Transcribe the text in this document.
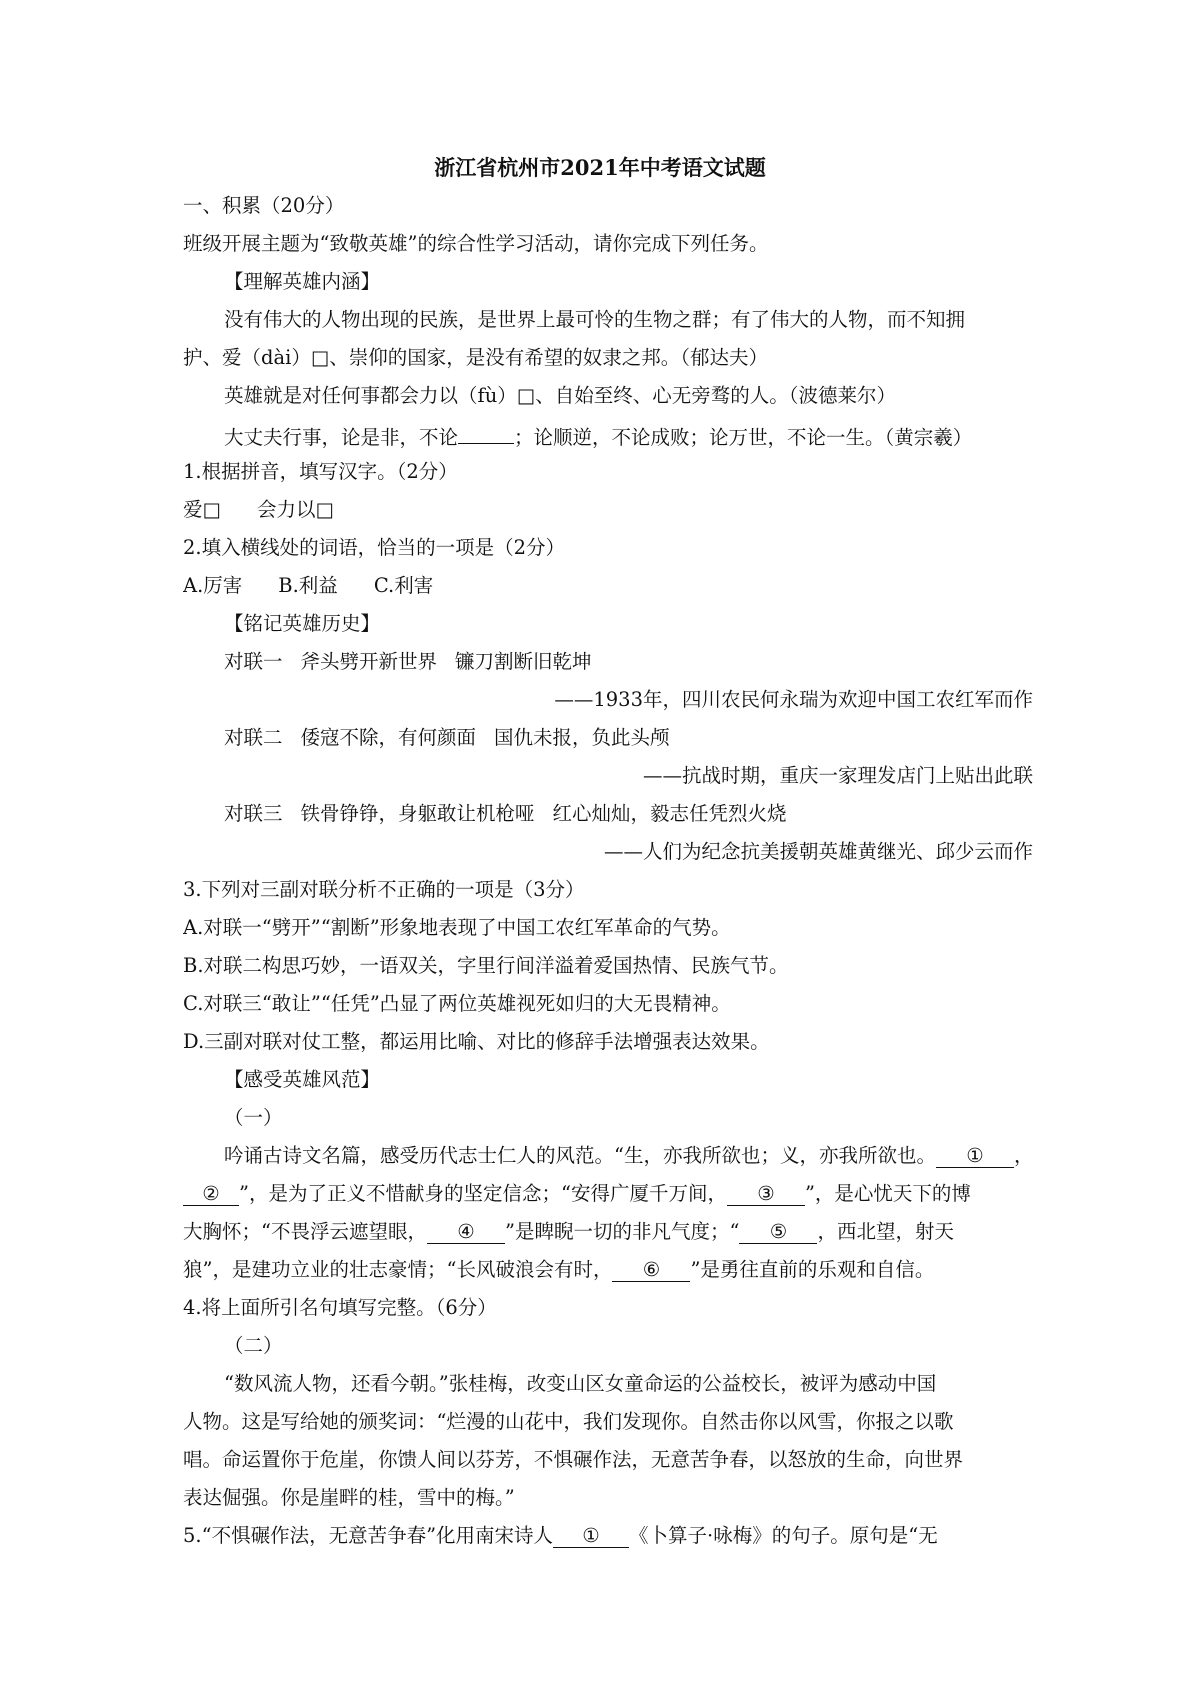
浙江省杭州市2021年中考语文试题
一、积累（20分）
班级开展主题为“致敬英雄”的综合性学习活动，请你完成下列任务。
【理解英雄内涵】
没有伟大的人物出现的民族，是世界上最可怜的生物之群；有了伟大的人物，而不知拥
护、爱（dài）□、崇仰的国家，是没有希望的奴隶之邦。（郁达夫）
英雄就是对任何事都会力以（fù）□、自始至终、心无旁骛的人。（波德莱尔）
大丈夫行事，论是非，不论	；论顺逆，不论成败；论万世，不论一生。（黄宗羲）
1.根据拼音，填写汉字。（2分）
爱□ 会力以□
2.填入横线处的词语，恰当的一项是（2分）
A.厉害 B.利益 C.利害
【铭记英雄历史】
对联一 斧头劈开新世界 镰刀割断旧乾坤
——1933年，四川农民何永瑞为欢迎中国工农红军而作
对联二 倭寇不除，有何颜面 国仇未报，负此头颅
——抗战时期，重庆一家理发店门上贴出此联
对联三 铁骨铮铮，身躯敢让机枪哑 红心灿灿，毅志任凭烈火烧
——人们为纪念抗美援朝英雄黄继光、邱少云而作
3.下列对三副对联分析不正确的一项是（3分）
A.对联一“劈开”“割断”形象地表现了中国工农红军革命的气势。
B.对联二构思巧妙，一语双关，字里行间洋溢着爱国热情、民族气节。
C.对联三“敢让”“任凭”凸显了两位英雄视死如归的大无畏精神。
D.三副对联对仗工整，都运用比喻、对比的修辞手法增强表达效果。
【感受英雄风范】
（一）
吟诵古诗文名篇，感受历代志士仁人的风范。“生，亦我所欲也；义，亦我所欲也。 ① ，
② ”，是为了正义不惜献身的坚定信念；“安得广厦千万间， ③ ”，是心忧天下的博
大胸怀；“不畏浮云遮望眼， ④ ”是睥睨一切的非凡气度；“ ⑤ ，西北望，射天
狼”，是建功立业的壮志豪情；“长风破浪会有时， ⑥ ”是勇往直前的乐观和自信。
4.将上面所引名句填写完整。（6分）
（二）
“数风流人物，还看今朝。”张桂梅，改变山区女童命运的公益校长，被评为感动中国
人物。这是写给她的颁奖词：“烂漫的山花中，我们发现你。自然击你以风雪，你报之以歌
唱。命运置你于危崖，你馈人间以芬芳，不惧碾作法，无意苦争春，以怒放的生命，向世界
表达倔强。你是崖畔的桂，雪中的梅。”
5.“不惧碾作法，无意苦争春”化用南宋诗人 ① 《卜算子·咏梅》的句子。原句是“无
